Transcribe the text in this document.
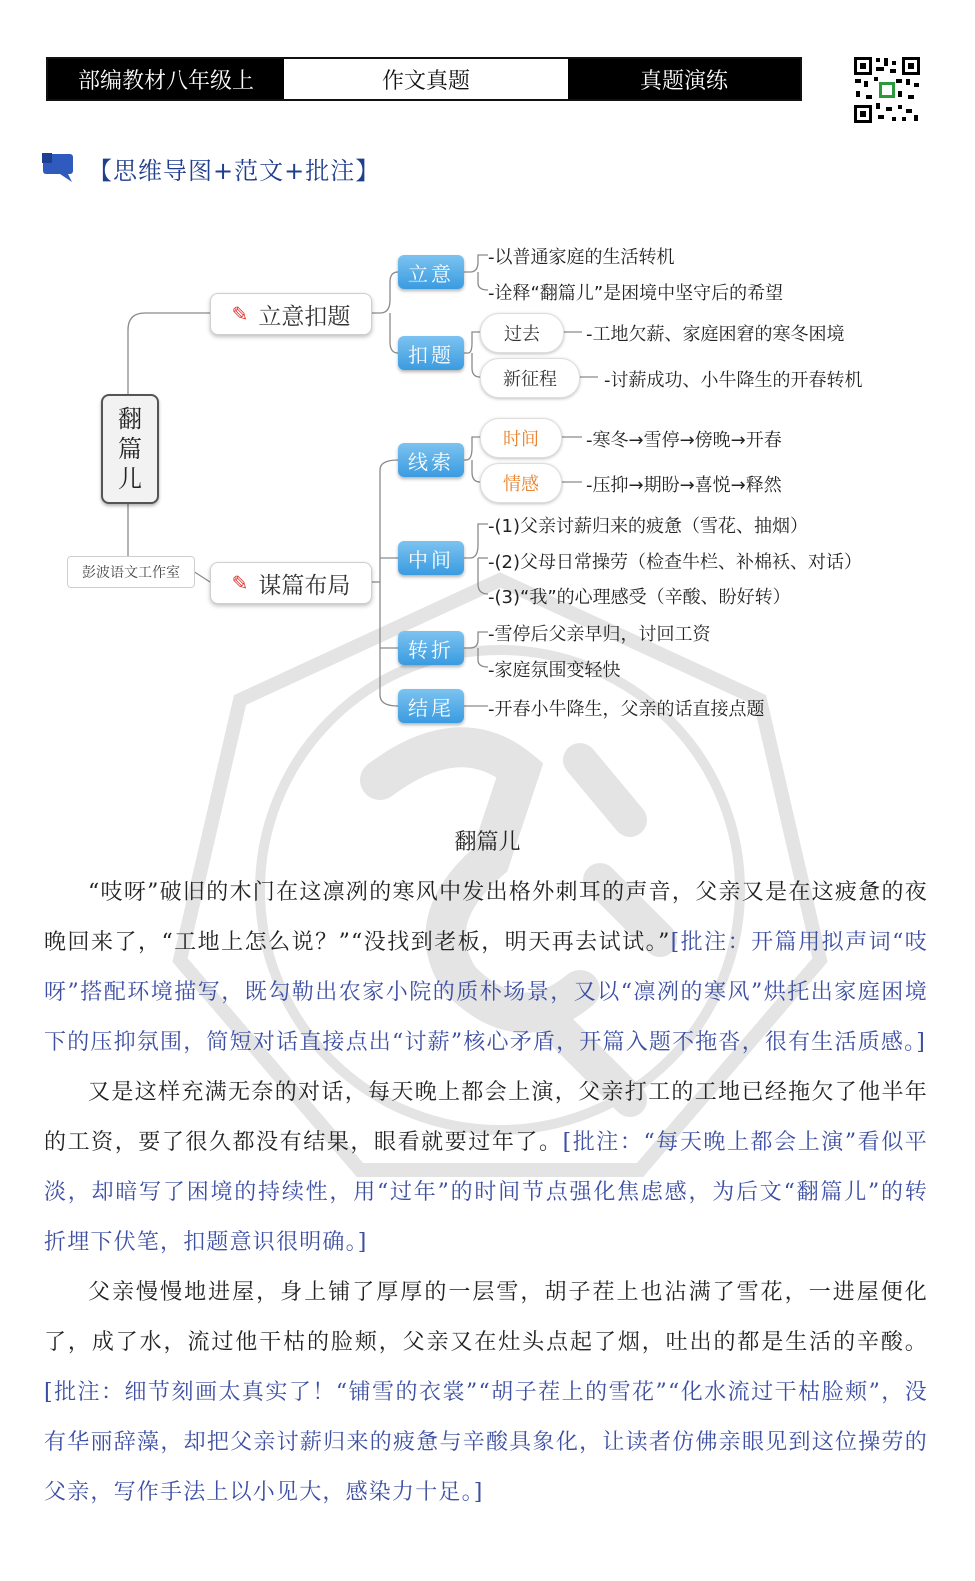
部编教材八年级上	作文真题	真题演练
【思维导图+范文+批注】
翻
篇
儿
彭波语文工作室
✎ 立意扣题
立意
-以普通家庭的生活转机
-诠释“翻篇儿”是困境中坚守后的希望
扣题
过去	-工地欠薪、家庭困窘的寒冬困境
新征程	-讨薪成功、小牛降生的开春转机
✎ 谋篇布局
线索
时间	-寒冬→雪停→傍晚→开春
情感	-压抑→期盼→喜悦→释然
中间
-(1)父亲讨薪归来的疲惫（雪花、抽烟）
-(2)父母日常操劳（检查牛栏、补棉袄、对话）
-(3)“我”的心理感受（辛酸、盼好转）
转折
-雪停后父亲早归，讨回工资
-家庭氛围变轻快
结尾	-开春小牛降生，父亲的话直接点题
翻篇儿

“吱呀”破旧的木门在这凛冽的寒风中发出格外刺耳的声音，父亲又是在这疲惫的夜晚回来了，“工地上怎么说？”“没找到老板，明天再去试试。”[批注：开篇用拟声词“吱呀”搭配环境描写，既勾勒出农家小院的质朴场景，又以“凛冽的寒风”烘托出家庭困境下的压抑氛围，简短对话直接点出“讨薪”核心矛盾，开篇入题不拖沓，很有生活质感。]

又是这样充满无奈的对话，每天晚上都会上演，父亲打工的工地已经拖欠了他半年的工资，要了很久都没有结果，眼看就要过年了。[批注：“每天晚上都会上演”看似平淡，却暗写了困境的持续性，用“过年”的时间节点强化焦虑感，为后文“翻篇儿”的转折埋下伏笔，扣题意识很明确。]

父亲慢慢地进屋，身上铺了厚厚的一层雪，胡子茬上也沾满了雪花，一进屋便化了，成了水，流过他干枯的脸颊，父亲又在灶头点起了烟，吐出的都是生活的辛酸。[批注：细节刻画太真实了！“铺雪的衣裳”“胡子茬上的雪花”“化水流过干枯脸颊”，没有华丽辞藻，却把父亲讨薪归来的疲惫与辛酸具象化，让读者仿佛亲眼见到这位操劳的父亲，写作手法上以小见大，感染力十足。]
